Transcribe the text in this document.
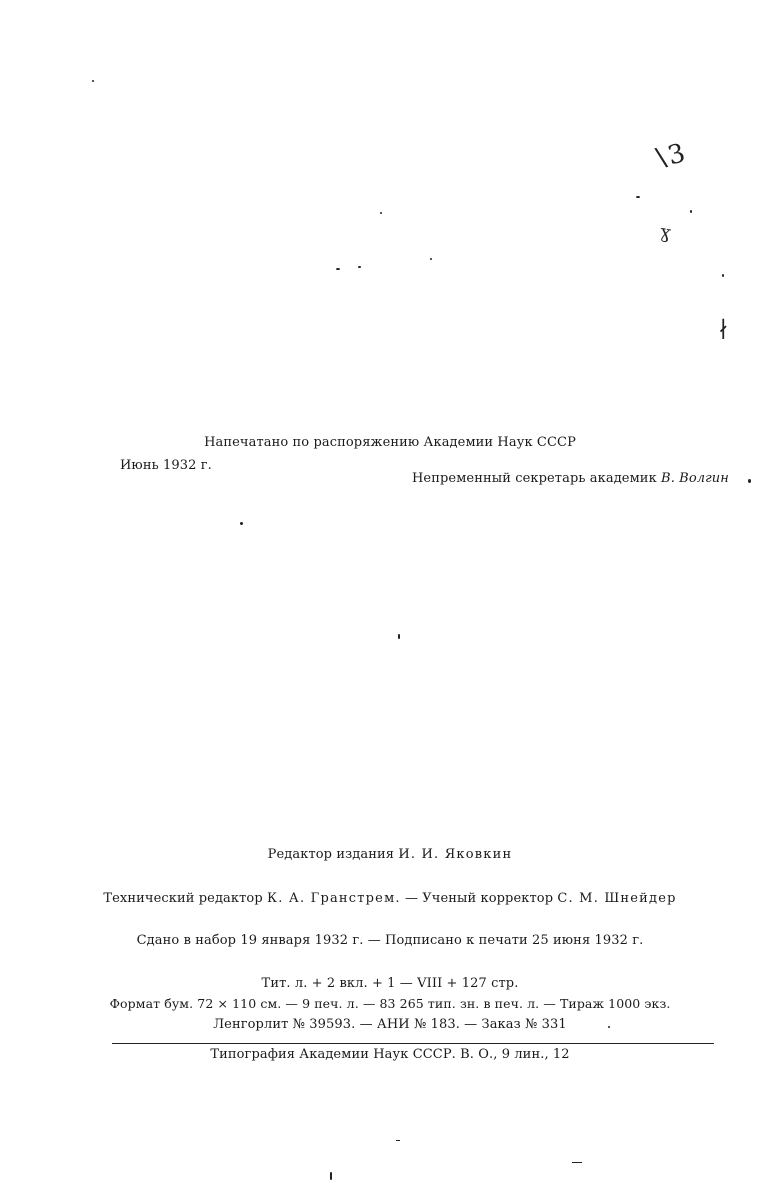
∖3
ɣ
∤
Напечатано по распоряжению Академии Наук СССР
Июнь 1932 г.
Непременный секретарь академик В. Волгин
Редактор издания И. И. Яковкин
Технический редактор К. А. Гранстрем. — Ученый корректор С. М. Шнейдер
Сдано в набор 19 января 1932 г. — Подписано к печати 25 июня 1932 г.
Тит. л. + 2 вкл. + 1 — VIII + 127 стр.
Формат бум. 72 × 110 см. — 9 печ. л. — 83 265 тип. зн. в печ. л. — Тираж 1000 экз.
Ленгорлит № 39593. — АНИ № 183. — Заказ № 331
Типография Академии Наук СССР. В. О., 9 лин., 12
